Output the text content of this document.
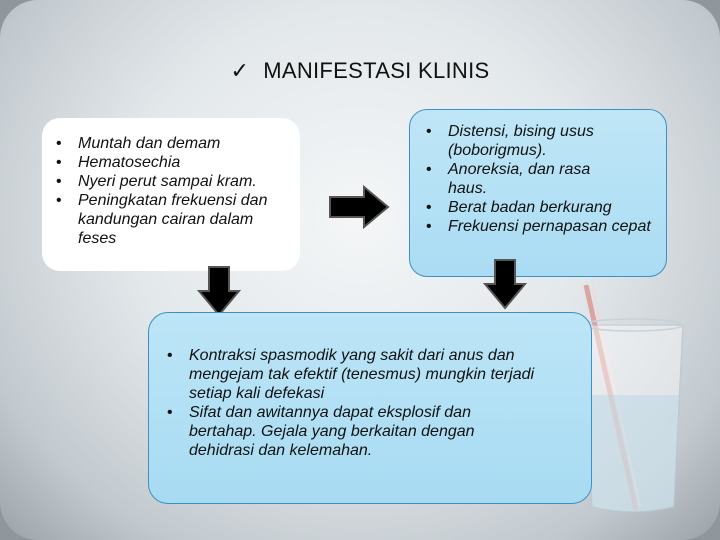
✓ MANIFESTASI KLINIS
• Muntah dan demam
• Hematosechia
• Nyeri perut sampai kram.
• Peningkatan frekuensi dan kandungan cairan dalam feses
• Distensi, bising usus (boborigmus).
• Anoreksia, dan rasa haus.
• Berat badan berkurang
• Frekuensi pernapasan cepat
• Kontraksi spasmodik yang sakit dari anus dan mengejam tak efektif (tenesmus) mungkin terjadi setiap kali defekasi
• Sifat dan awitannya dapat eksplosif dan bertahap. Gejala yang berkaitan dengan dehidrasi dan kelemahan.
